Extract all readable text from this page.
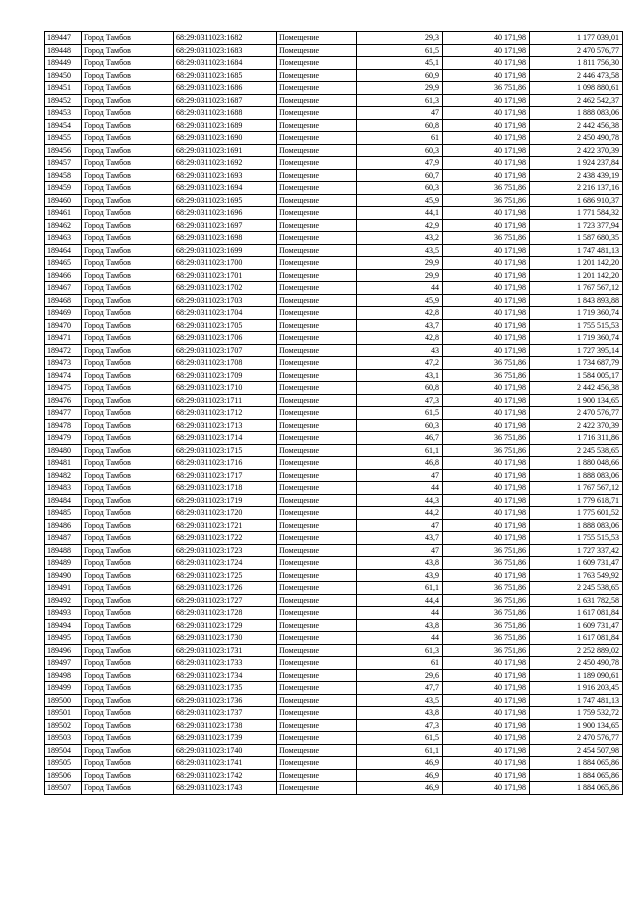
189447	Город Тамбов	68:29:0311023:1682	Помещение	29,3	40 171,98	1 177 039,01
189448	Город Тамбов	68:29:0311023:1683	Помещение	61,5	40 171,98	2 470 576,77
189449	Город Тамбов	68:29:0311023:1684	Помещение	45,1	40 171,98	1 811 756,30
189450	Город Тамбов	68:29:0311023:1685	Помещение	60,9	40 171,98	2 446 473,58
189451	Город Тамбов	68:29:0311023:1686	Помещение	29,9	36 751,86	1 098 880,61
189452	Город Тамбов	68:29:0311023:1687	Помещение	61,3	40 171,98	2 462 542,37
189453	Город Тамбов	68:29:0311023:1688	Помещение	47	40 171,98	1 888 083,06
189454	Город Тамбов	68:29:0311023:1689	Помещение	60,8	40 171,98	2 442 456,38
189455	Город Тамбов	68:29:0311023:1690	Помещение	61	40 171,98	2 450 490,78
189456	Город Тамбов	68:29:0311023:1691	Помещение	60,3	40 171,98	2 422 370,39
189457	Город Тамбов	68:29:0311023:1692	Помещение	47,9	40 171,98	1 924 237,84
189458	Город Тамбов	68:29:0311023:1693	Помещение	60,7	40 171,98	2 438 439,19
189459	Город Тамбов	68:29:0311023:1694	Помещение	60,3	36 751,86	2 216 137,16
189460	Город Тамбов	68:29:0311023:1695	Помещение	45,9	36 751,86	1 686 910,37
189461	Город Тамбов	68:29:0311023:1696	Помещение	44,1	40 171,98	1 771 584,32
189462	Город Тамбов	68:29:0311023:1697	Помещение	42,9	40 171,98	1 723 377,94
189463	Город Тамбов	68:29:0311023:1698	Помещение	43,2	36 751,86	1 587 680,35
189464	Город Тамбов	68:29:0311023:1699	Помещение	43,5	40 171,98	1 747 481,13
189465	Город Тамбов	68:29:0311023:1700	Помещение	29,9	40 171,98	1 201 142,20
189466	Город Тамбов	68:29:0311023:1701	Помещение	29,9	40 171,98	1 201 142,20
189467	Город Тамбов	68:29:0311023:1702	Помещение	44	40 171,98	1 767 567,12
189468	Город Тамбов	68:29:0311023:1703	Помещение	45,9	40 171,98	1 843 893,88
189469	Город Тамбов	68:29:0311023:1704	Помещение	42,8	40 171,98	1 719 360,74
189470	Город Тамбов	68:29:0311023:1705	Помещение	43,7	40 171,98	1 755 515,53
189471	Город Тамбов	68:29:0311023:1706	Помещение	42,8	40 171,98	1 719 360,74
189472	Город Тамбов	68:29:0311023:1707	Помещение	43	40 171,98	1 727 395,14
189473	Город Тамбов	68:29:0311023:1708	Помещение	47,2	36 751,86	1 734 687,79
189474	Город Тамбов	68:29:0311023:1709	Помещение	43,1	36 751,86	1 584 005,17
189475	Город Тамбов	68:29:0311023:1710	Помещение	60,8	40 171,98	2 442 456,38
189476	Город Тамбов	68:29:0311023:1711	Помещение	47,3	40 171,98	1 900 134,65
189477	Город Тамбов	68:29:0311023:1712	Помещение	61,5	40 171,98	2 470 576,77
189478	Город Тамбов	68:29:0311023:1713	Помещение	60,3	40 171,98	2 422 370,39
189479	Город Тамбов	68:29:0311023:1714	Помещение	46,7	36 751,86	1 716 311,86
189480	Город Тамбов	68:29:0311023:1715	Помещение	61,1	36 751,86	2 245 538,65
189481	Город Тамбов	68:29:0311023:1716	Помещение	46,8	40 171,98	1 880 048,66
189482	Город Тамбов	68:29:0311023:1717	Помещение	47	40 171,98	1 888 083,06
189483	Город Тамбов	68:29:0311023:1718	Помещение	44	40 171,98	1 767 567,12
189484	Город Тамбов	68:29:0311023:1719	Помещение	44,3	40 171,98	1 779 618,71
189485	Город Тамбов	68:29:0311023:1720	Помещение	44,2	40 171,98	1 775 601,52
189486	Город Тамбов	68:29:0311023:1721	Помещение	47	40 171,98	1 888 083,06
189487	Город Тамбов	68:29:0311023:1722	Помещение	43,7	40 171,98	1 755 515,53
189488	Город Тамбов	68:29:0311023:1723	Помещение	47	36 751,86	1 727 337,42
189489	Город Тамбов	68:29:0311023:1724	Помещение	43,8	36 751,86	1 609 731,47
189490	Город Тамбов	68:29:0311023:1725	Помещение	43,9	40 171,98	1 763 549,92
189491	Город Тамбов	68:29:0311023:1726	Помещение	61,1	36 751,86	2 245 538,65
189492	Город Тамбов	68:29:0311023:1727	Помещение	44,4	36 751,86	1 631 782,58
189493	Город Тамбов	68:29:0311023:1728	Помещение	44	36 751,86	1 617 081,84
189494	Город Тамбов	68:29:0311023:1729	Помещение	43,8	36 751,86	1 609 731,47
189495	Город Тамбов	68:29:0311023:1730	Помещение	44	36 751,86	1 617 081,84
189496	Город Тамбов	68:29:0311023:1731	Помещение	61,3	36 751,86	2 252 889,02
189497	Город Тамбов	68:29:0311023:1733	Помещение	61	40 171,98	2 450 490,78
189498	Город Тамбов	68:29:0311023:1734	Помещение	29,6	40 171,98	1 189 090,61
189499	Город Тамбов	68:29:0311023:1735	Помещение	47,7	40 171,98	1 916 203,45
189500	Город Тамбов	68:29:0311023:1736	Помещение	43,5	40 171,98	1 747 481,13
189501	Город Тамбов	68:29:0311023:1737	Помещение	43,8	40 171,98	1 759 532,72
189502	Город Тамбов	68:29:0311023:1738	Помещение	47,3	40 171,98	1 900 134,65
189503	Город Тамбов	68:29:0311023:1739	Помещение	61,5	40 171,98	2 470 576,77
189504	Город Тамбов	68:29:0311023:1740	Помещение	61,1	40 171,98	2 454 507,98
189505	Город Тамбов	68:29:0311023:1741	Помещение	46,9	40 171,98	1 884 065,86
189506	Город Тамбов	68:29:0311023:1742	Помещение	46,9	40 171,98	1 884 065,86
189507	Город Тамбов	68:29:0311023:1743	Помещение	46,9	40 171,98	1 884 065,86
